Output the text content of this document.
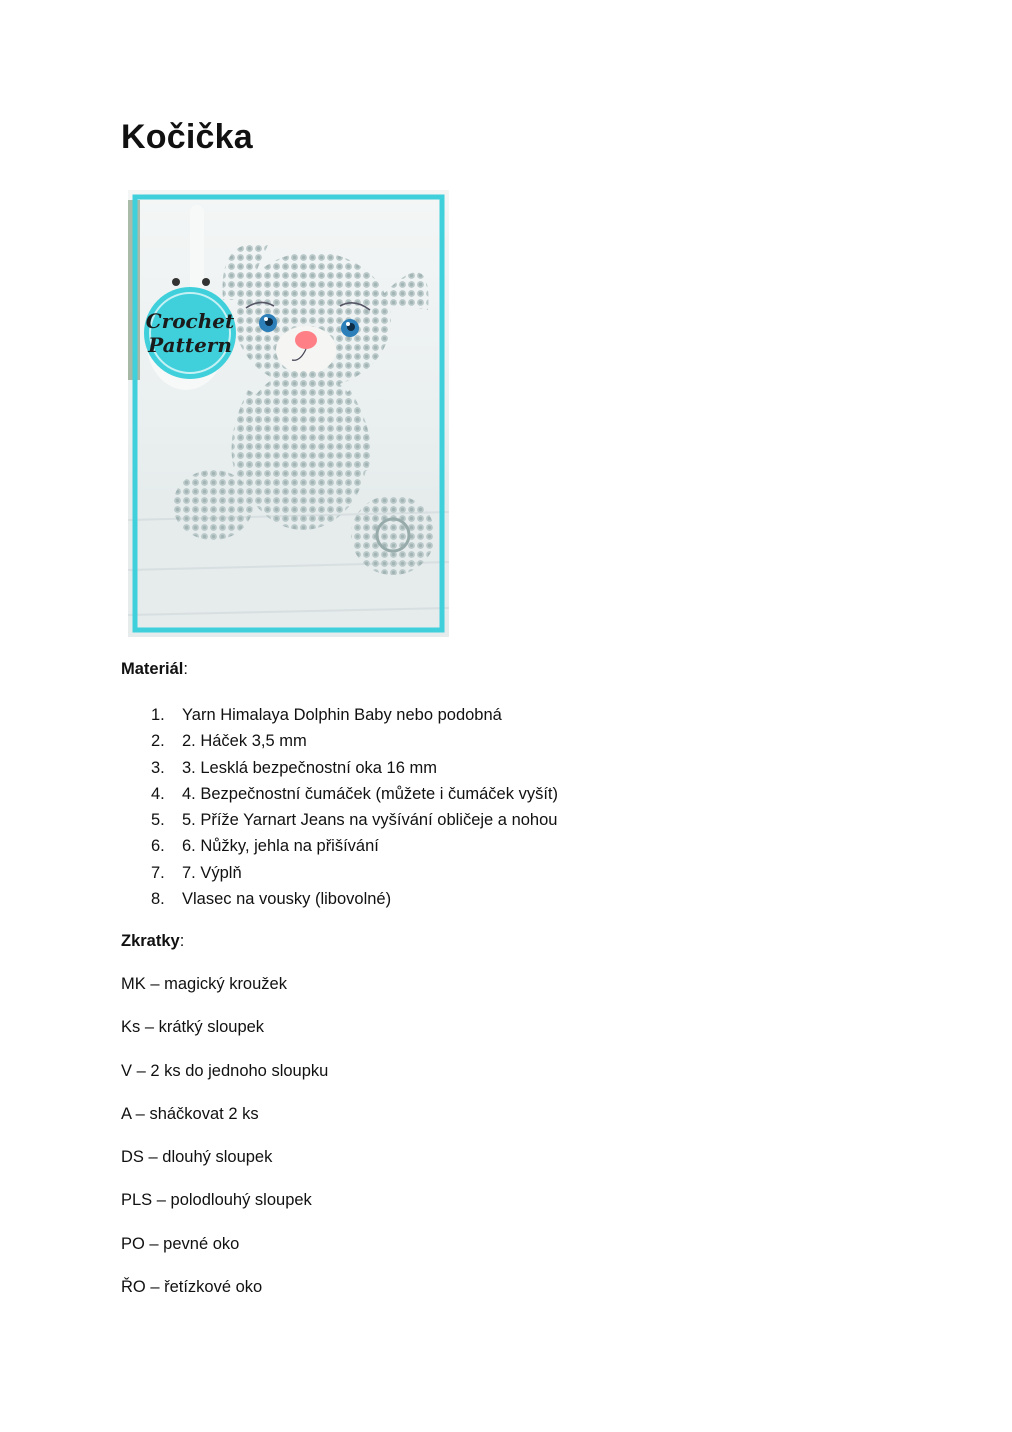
Kočička
Crochet
Pattern

Materiál:

1.	Yarn Himalaya Dolphin Baby nebo podobná
2.	2. Háček 3,5 mm
3.	3. Lesklá bezpečnostní oka 16 mm
4.	4. Bezpečnostní čumáček (můžete i čumáček vyšít)
5.	5. Příže Yarnart Jeans na vyšívání obličeje a nohou
6.	6. Nůžky, jehla na přišívání
7.	7. Výplň
8.	Vlasec na vousky (libovolné)

Zkratky:

MK – magický kroužek

Ks – krátký sloupek

V – 2 ks do jednoho sloupku

A – sháčkovat 2 ks

DS – dlouhý sloupek

PLS – polodlouhý sloupek

PO – pevné oko

ŘO – řetízkové oko
